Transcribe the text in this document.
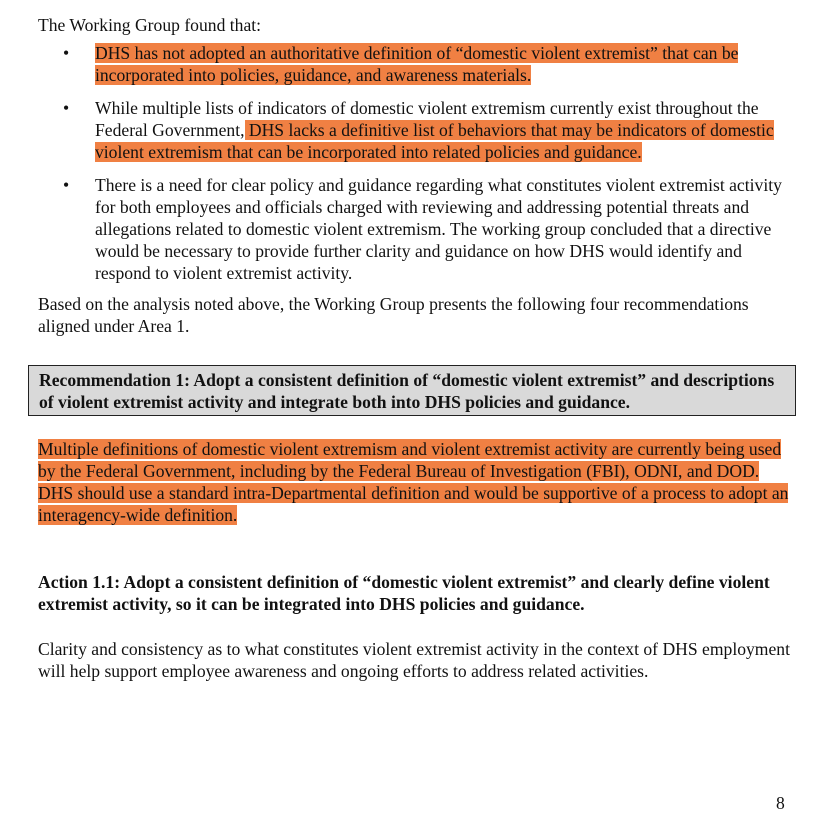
The Working Group found that:

•	DHS has not adopted an authoritative definition of “domestic violent extremist” that can be incorporated into policies, guidance, and awareness materials.
•	While multiple lists of indicators of domestic violent extremism currently exist throughout the Federal Government, DHS lacks a definitive list of behaviors that may be indicators of domestic violent extremism that can be incorporated into related policies and guidance.
•	There is a need for clear policy and guidance regarding what constitutes violent extremist activity for both employees and officials charged with reviewing and addressing potential threats and allegations related to domestic violent extremism. The working group concluded that a directive would be necessary to provide further clarity and guidance on how DHS would identify and respond to violent extremist activity.

Based on the analysis noted above, the Working Group presents the following four recommendations aligned under Area 1.

Recommendation 1: Adopt a consistent definition of “domestic violent extremist” and descriptions of violent extremist activity and integrate both into DHS policies and guidance.

Multiple definitions of domestic violent extremism and violent extremist activity are currently being used by the Federal Government, including by the Federal Bureau of Investigation (FBI), ODNI, and DOD. DHS should use a standard intra-Departmental definition and would be supportive of a process to adopt an interagency-wide definition.

Action 1.1: Adopt a consistent definition of “domestic violent extremist” and clearly define violent extremist activity, so it can be integrated into DHS policies and guidance.

Clarity and consistency as to what constitutes violent extremist activity in the context of DHS employment will help support employee awareness and ongoing efforts to address related activities.

8
